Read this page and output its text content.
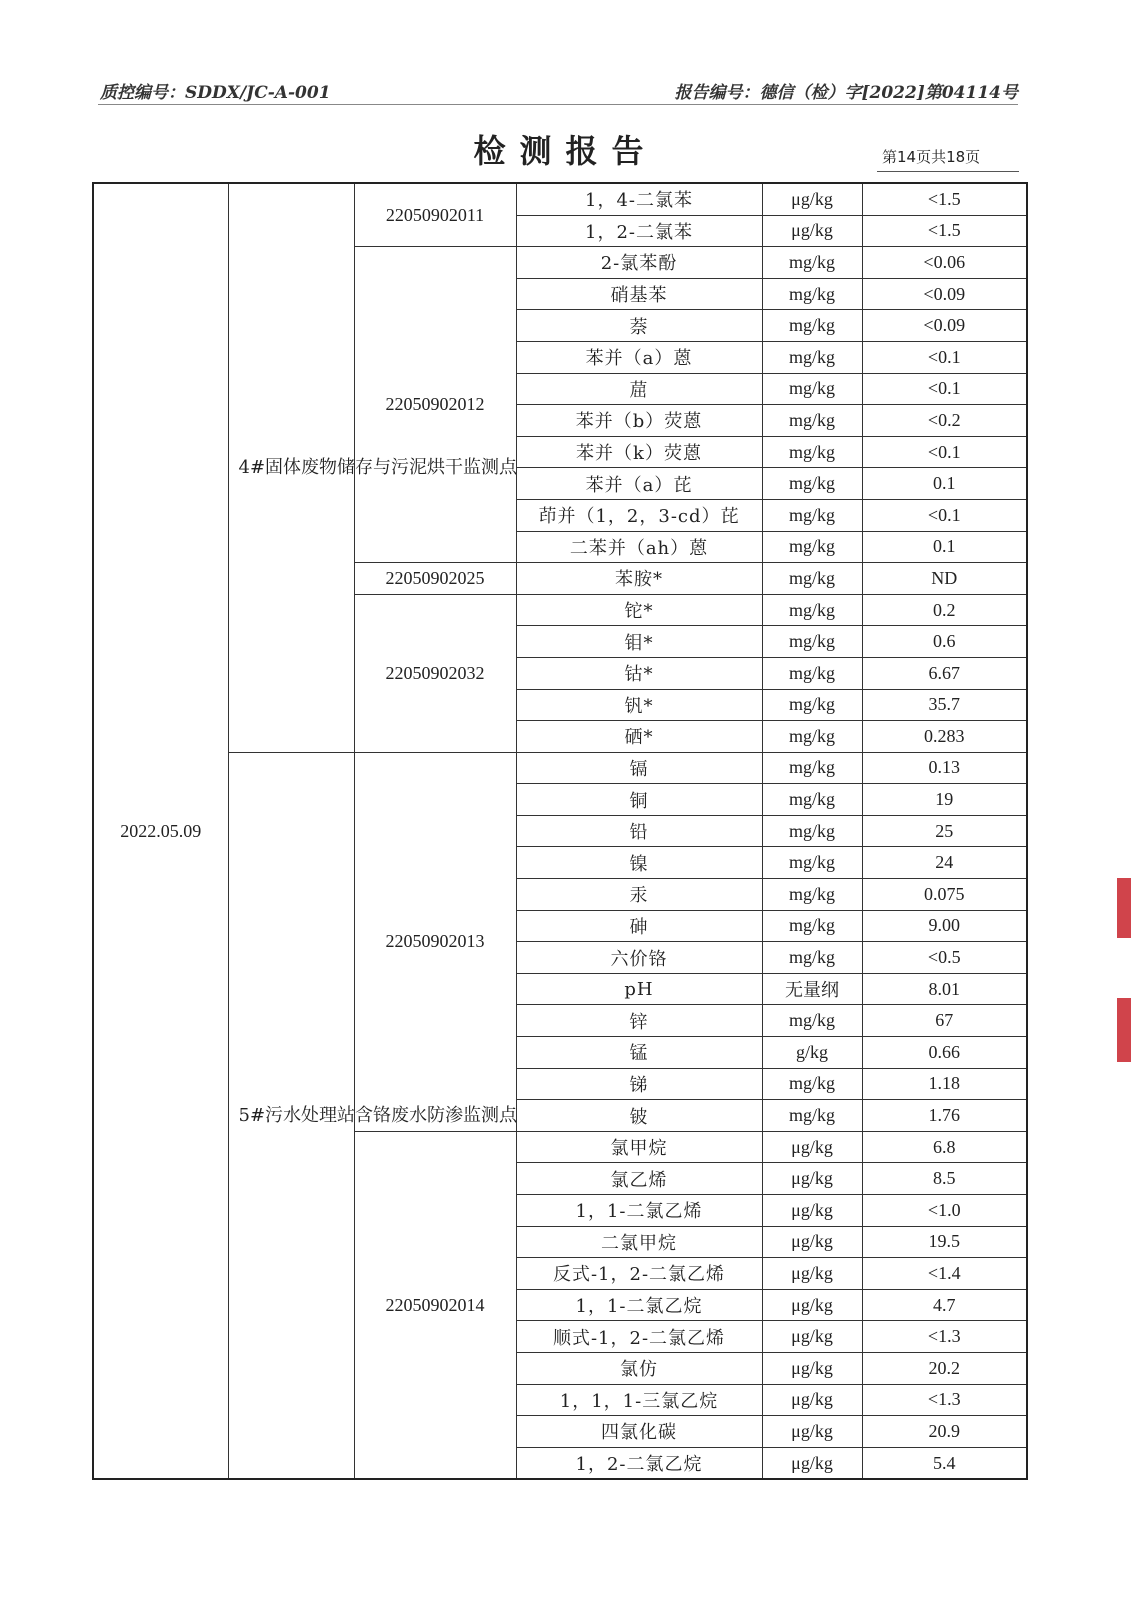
质控编号：SDDX/JC-A-001	报告编号：德信（检）字[2022]第04114号
检测报告	第14页共18页
2022.05.09	4#固体废物储存与污泥烘干监测点	22050902011	1，4-二氯苯	μg/kg	<1.5
			1，2-二氯苯	μg/kg	<1.5
		22050902012	2-氯苯酚	mg/kg	<0.06
			硝基苯	mg/kg	<0.09
			萘	mg/kg	<0.09
			苯并（a）蒽	mg/kg	<0.1
			䓛	mg/kg	<0.1
			苯并（b）荧蒽	mg/kg	<0.2
			苯并（k）荧蒽	mg/kg	<0.1
			苯并（a）芘	mg/kg	0.1
			茚并（1，2，3-cd）芘	mg/kg	<0.1
			二苯并（ah）蒽	mg/kg	0.1
		22050902025	苯胺*	mg/kg	ND
		22050902032	铊*	mg/kg	0.2
			钼*	mg/kg	0.6
			钴*	mg/kg	6.67
			钒*	mg/kg	35.7
			硒*	mg/kg	0.283
	5#污水处理站含铬废水防渗监测点	22050902013	镉	mg/kg	0.13
			铜	mg/kg	19
			铅	mg/kg	25
			镍	mg/kg	24
			汞	mg/kg	0.075
			砷	mg/kg	9.00
			六价铬	mg/kg	<0.5
			pH	无量纲	8.01
			锌	mg/kg	67
			锰	g/kg	0.66
			锑	mg/kg	1.18
			铍	mg/kg	1.76
		22050902014	氯甲烷	μg/kg	6.8
			氯乙烯	μg/kg	8.5
			1，1-二氯乙烯	μg/kg	<1.0
			二氯甲烷	μg/kg	19.5
			反式-1，2-二氯乙烯	μg/kg	<1.4
			1，1-二氯乙烷	μg/kg	4.7
			顺式-1，2-二氯乙烯	μg/kg	<1.3
			氯仿	μg/kg	20.2
			1，1，1-三氯乙烷	μg/kg	<1.3
			四氯化碳	μg/kg	20.9
			1，2-二氯乙烷	μg/kg	5.4
